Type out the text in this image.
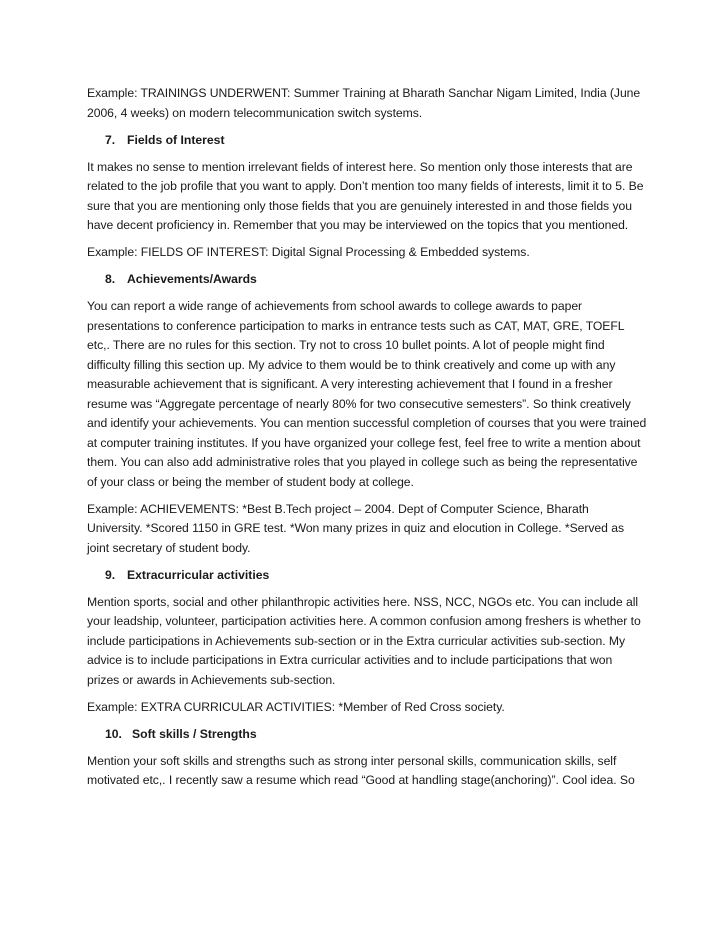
Example: TRAININGS UNDERWENT: Summer Training at Bharath Sanchar Nigam Limited, India (June 2006, 4 weeks) on modern telecommunication switch systems.

7. Fields of Interest

It makes no sense to mention irrelevant fields of interest here. So mention only those interests that are related to the job profile that you want to apply. Don’t mention too many fields of interests, limit it to 5. Be sure that you are mentioning only those fields that you are genuinely interested in and those fields you have decent proficiency in. Remember that you may be interviewed on the topics that you mentioned.

Example: FIELDS OF INTEREST: Digital Signal Processing & Embedded systems.

8. Achievements/Awards

You can report a wide range of achievements from school awards to college awards to paper presentations to conference participation to marks in entrance tests such as CAT, MAT, GRE, TOEFL etc,. There are no rules for this section. Try not to cross 10 bullet points. A lot of people might find difficulty filling this section up. My advice to them would be to think creatively and come up with any measurable achievement that is significant. A very interesting achievement that I found in a fresher resume was “Aggregate percentage of nearly 80% for two consecutive semesters”. So think creatively and identify your achievements. You can mention successful completion of courses that you were trained at computer training institutes. If you have organized your college fest, feel free to write a mention about them. You can also add administrative roles that you played in college such as being the representative of your class or being the member of student body at college.

Example: ACHIEVEMENTS: *Best B.Tech project – 2004. Dept of Computer Science, Bharath University. *Scored 1150 in GRE test. *Won many prizes in quiz and elocution in College. *Served as joint secretary of student body.

9. Extracurricular activities

Mention sports, social and other philanthropic activities here. NSS, NCC, NGOs etc. You can include all your leadship, volunteer, participation activities here. A common confusion among freshers is whether to include participations in Achievements sub-section or in the Extra curricular activities sub-section. My advice is to include participations in Extra curricular activities and to include participations that won prizes or awards in Achievements sub-section.

Example: EXTRA CURRICULAR ACTIVITIES: *Member of Red Cross society.

10. Soft skills / Strengths

Mention your soft skills and strengths such as strong inter personal skills, communication skills, self motivated etc,. I recently saw a resume which read “Good at handling stage(anchoring)”. Cool idea. So
